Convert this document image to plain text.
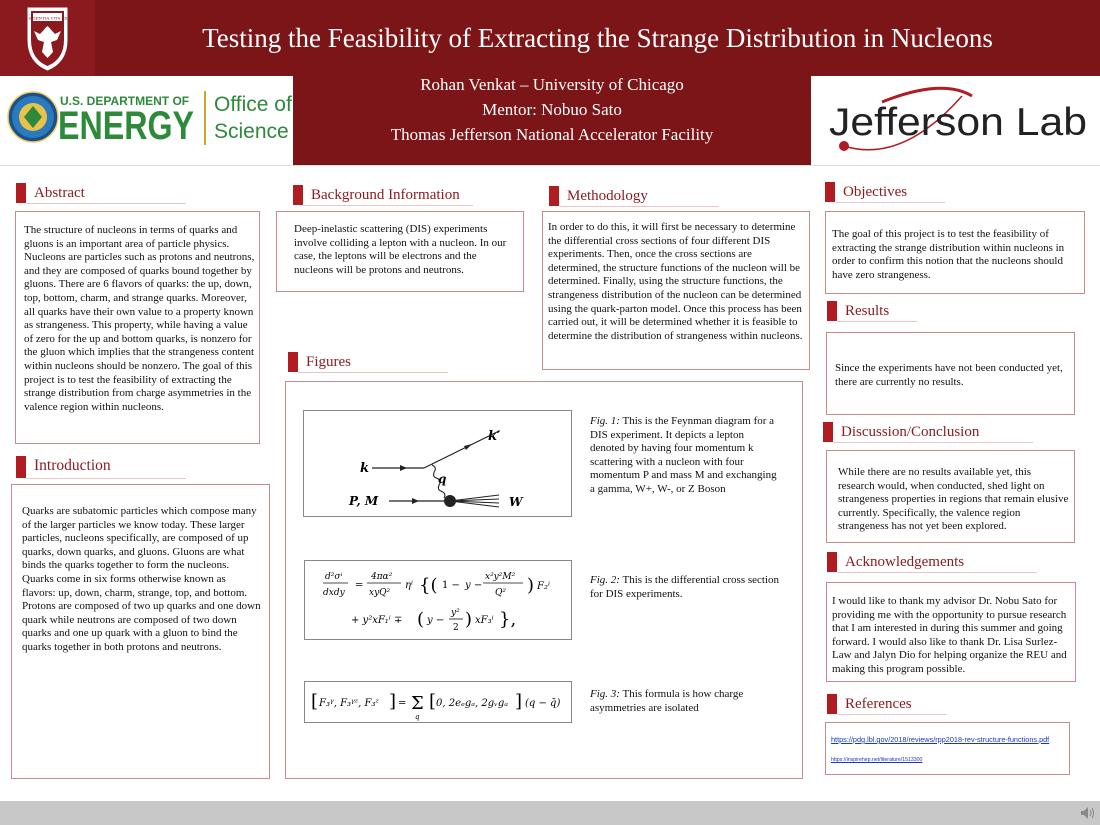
CRESCAT SCIENTIA VITA EXCOLATUR
Testing the Feasibility of Extracting the Strange Distribution in Nucleons
U.S. DEPARTMENT OF
ENERGY Office of
Science
Rohan Venkat – University of Chicago
Mentor: Nobuo Sato
Thomas Jefferson National Accelerator Facility	Jefferson Lab
Abstract
The structure of nucleons in terms of quarks and gluons is an important area of particle physics. Nucleons are particles such as protons and neutrons, and they are composed of quarks bound together by gluons. There are 6 flavors of quarks: the up, down, top, bottom, charm, and strange quarks. Moreover, all quarks have their own value to a property known as strangeness. This property, while having a value of zero for the up and bottom quarks, is nonzero for the gluon which implies that the strangeness content within nucleons should be nonzero. The goal of this project is to test the feasibility of extracting the strange distribution from charge asymmetries in the valence region within nucleons.
Introduction
Quarks are subatomic particles which compose many of the larger particles we know today. These larger particles, nucleons specifically, are composed of up quarks, down quarks, and gluons. Gluons are what binds the quarks together to form the nucleons. Quarks come in six forms otherwise known as flavors: up, down, charm, strange, top, and bottom. Protons are composed of two up quarks and one down quark while neutrons are composed of two down quarks and one up quark with a gluon to bind the quarks together in both protons and neutrons.
Background Information
Deep-inelastic scattering (DIS) experiments involve colliding a lepton with a nucleon. In our case, the leptons will be electrons and the nucleons will be protons and neutrons.
Methodology
In order to do this, it will first be necessary to determine the differential cross sections of four different DIS experiments. Then, once the cross sections are determined, the structure functions of the nucleon will be determined. Finally, using the structure functions, the strangeness distribution of the nucleon can be determined using the quark-parton model. Once this process has been carried out, it will be determined whether it is feasible to determine the distribution of strangeness within nucleons.
Figures
k
k′
q
P, M	W
Fig. 1: This is the Feynman diagram for a DIS experiment. It depicts a lepton denoted by having four momentum k scattering with a nucleon with four momentum P and mass M and exchanging a gamma, W+, W-, or Z Boson
d²σⁱ
dxdy
=
4πα²
xyQ²
ηⁱ {( 1 − y −
x²y²M²
Q² ) F₂ⁱ
+ y²xF₁ⁱ ∓ ( y −
y²
2 ) xF₃ⁱ },
Fig. 2: This is the differential cross section for DIS experiments.
[ F₃ᵞ, F₃ᵞᶻ, F₃ᶻ ] = Σ
q
[ 0, 2eₑgₐ, 2gᵥgₐ ] (q − q̄)
Fig. 3: This formula is how charge asymmetries are isolated
Objectives
The goal of this project is to test the feasibility of extracting the strange distribution within nucleons in order to confirm this notion that the nucleons should have zero strangeness.
Results
Since the experiments have not been conducted yet, there are currently no results.
Discussion/Conclusion
While there are no results available yet, this research would, when conducted, shed light on strangeness properties in regions that remain elusive currently. Specifically, the valence region strangeness has not yet been explored.
Acknowledgements
I would like to thank my advisor Dr. Nobu Sato for providing me with the opportunity to pursue research that I am interested in during this summer and going forward. I would also like to thank Dr. Lisa Surlez-Law and Jalyn Dio for helping organize the REU and making this program possible.
References
https://pdg.lbl.gov/2018/reviews/rpp2018-rev-structure-functions.pdf
https://inspirehep.net/literature/1513300
